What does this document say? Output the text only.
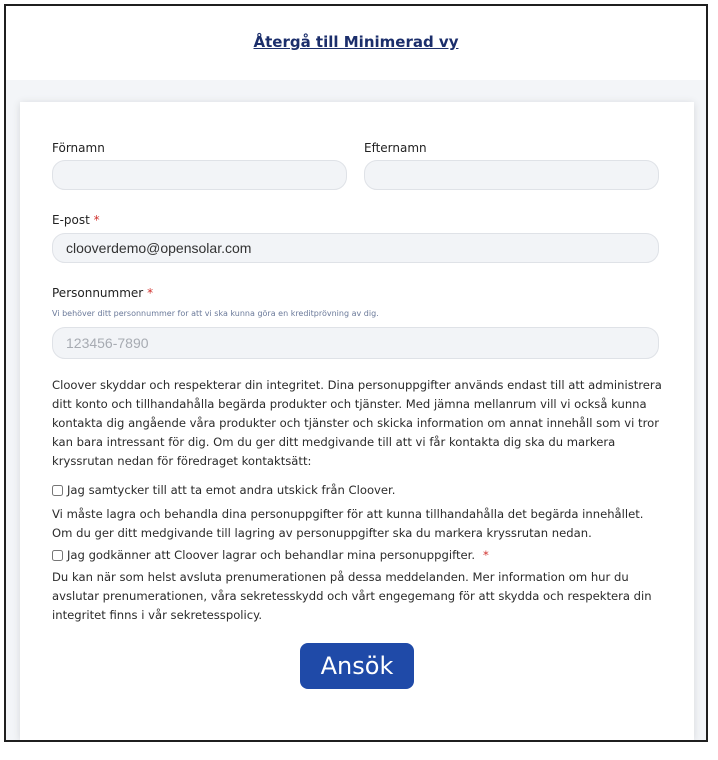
Återgå till Minimerad vy
Förnamn	Efternamn
E-post *
clooverdemo@opensolar.com
Personnummer *
Vi behöver ditt personnummer for att vi ska kunna göra en kreditprövning av dig.
123456-7890

Cloover skyddar och respekterar din integritet. Dina personuppgifter används endast till att administrera ditt konto och tillhandahålla begärda produkter och tjänster. Med jämna mellanrum vill vi också kunna kontakta dig angående våra produkter och tjänster och skicka information om annat innehåll som vi tror kan bara intressant för dig. Om du ger ditt medgivande till att vi får kontakta dig ska du markera kryssrutan nedan för föredraget kontaktsätt:

Jag samtycker till att ta emot andra utskick från Cloover.

Vi måste lagra och behandla dina personuppgifter för att kunna tillhandahålla det begärda innehållet. Om du ger ditt medgivande till lagring av personuppgifter ska du markera kryssrutan nedan.

Jag godkänner att Cloover lagrar och behandlar mina personuppgifter. *

Du kan när som helst avsluta prenumerationen på dessa meddelanden. Mer information om hur du avslutar prenumerationen, våra sekretesskydd och vårt engegemang för att skydda och respektera din integritet finns i vår sekretesspolicy.

Ansök
